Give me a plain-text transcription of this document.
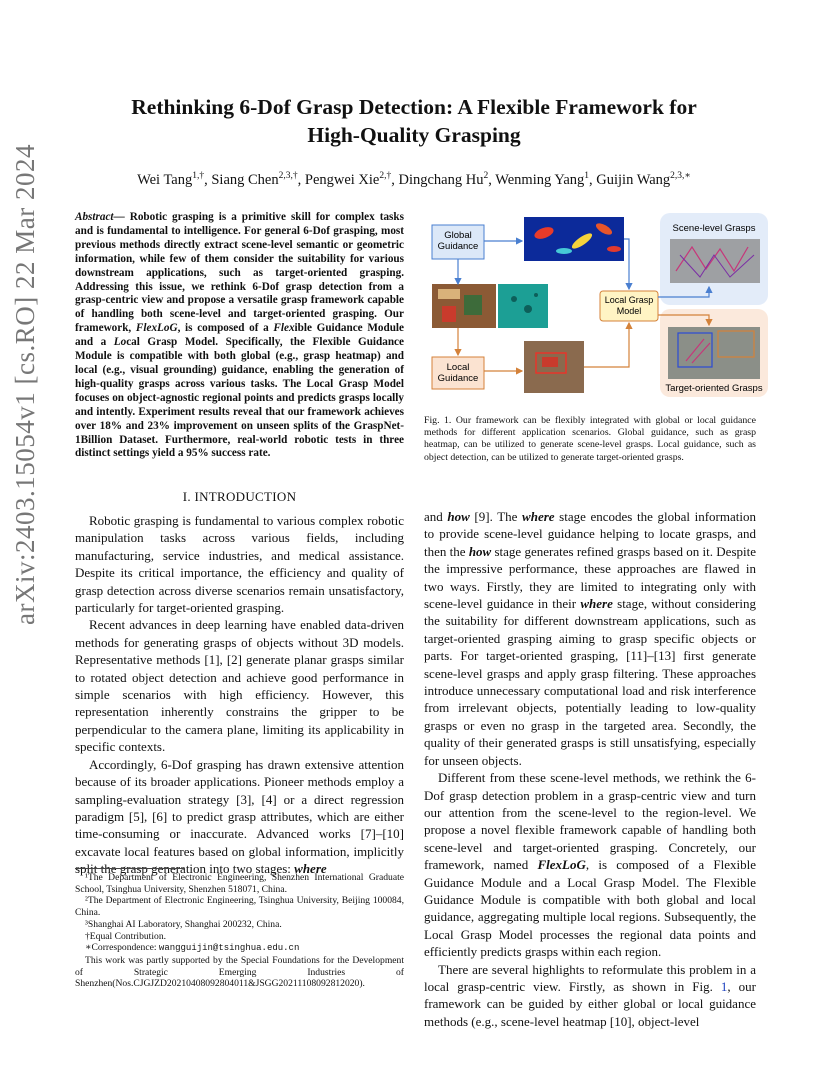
Rethinking 6-Dof Grasp Detection: A Flexible Framework for
High-Quality Grasping
Wei Tang$^{1,\dagger}$, Siang Chen$^{2,3,\dagger}$, Pengwei Xie$^{2,\dagger}$, Dingchang Hu$^2$, Wenming Yang$^1$, Guijin Wang$^{2,3,∗}$
arXiv:2403.15054v1 [cs.RO] 22 Mar 2024	Abstract— Robotic grasping is a primitive skill for complex tasks and is fundamental to intelligence. For general 6-Dof grasping, most previous methods directly extract scene-level semantic or geometric information, while few of them consider the suitability for various downstream applications, such as target-oriented grasping. Addressing this issue, we rethink 6-Dof grasp detection from a grasp-centric view and propose a versatile grasp framework capable of handling both scene-level and target-oriented grasping. Our framework, FlexLoG, is composed of a Flexible Guidance Module and a Local Grasp Model. Specifically, the Flexible Guidance Module is compatible with both global (e.g., grasp heatmap) and local (e.g., visual grounding) guidance, enabling the generation of high-quality grasps across various tasks. The Local Grasp Model focuses on object-agnostic regional points and predicts grasps locally and intently. Experiment results reveal that our framework achieves over 18% and 23% improvement on unseen splits of the GraspNet-1Billion Dataset. Furthermore, real-world robotic tests in three distinct settings yield a 95% success rate.
I. INTRODUCTION

Robotic grasping is fundamental to various complex robotic manipulation tasks across various fields, including manufacturing, service industries, and medical assistance. Despite its critical importance, the efficiency and quality of grasp detection across diverse scenarios remain unsatisfactory, particularly for target-oriented grasping.

Recent advances in deep learning have enabled data-driven methods for generating grasps of objects without 3D models. Representative methods [1], [2] generate planar grasps similar to rotated object detection and achieve good performance in simple scenarios with high efficiency. However, this representation inherently constrains the gripper to be perpendicular to the camera plane, limiting its applicability in specific contexts.

Accordingly, 6-Dof grasping has drawn extensive attention because of its broader applications. Pioneer methods employ a sampling-evaluation strategy [3], [4] or a direct regression paradigm [5], [6] to predict grasp attributes, which are either time-consuming or inaccurate. Advanced works [7]–[10] excavate local features based on global information, implicitly split the grasp generation into two stages: where

¹The Department of Electronic Engineering, Shenzhen International Graduate School, Tsinghua University, Shenzhen 518071, China.

²The Department of Electronic Engineering, Tsinghua University, Beijing 100084, China.

³Shanghai AI Laboratory, Shanghai 200232, China.

†Equal Contribution.

∗Correspondence: wangguijin@tsinghua.edu.cn

This work was partly supported by the Special Foundations for the Development of Strategic Emerging Industries of Shenzhen(Nos.CJGJZD20210408092804011&JSGG20211108092812020).

Global Guidance
Local Grasp Model
Local Guidance
Scene-level Grasps
Target-oriented Grasps
Fig. 1. Our framework can be flexibly integrated with global or local guidance methods for different application scenarios. Global guidance, such as grasp heatmap, can be utilized to generate scene-level grasps. Local guidance, such as object detection, can be utilized to generate target-oriented grasps.

and how [9]. The where stage encodes the global information to provide scene-level guidance helping to locate grasps, and then the how stage generates refined grasps based on it. Despite the impressive performance, these approaches are flawed in two ways. Firstly, they are limited to integrating only with scene-level guidance in their where stage, without considering the suitability for different downstream applications, such as target-oriented grasping aiming to grasp specific objects or parts. For target-oriented grasping, [11]–[13] first generate scene-level grasps and apply grasp filtering. These approaches introduce unnecessary computational load and risk interference from irrelevant objects, potentially leading to low-quality grasps or even no grasp in the targeted area. Secondly, the quality of their generated grasps is still unsatisfying, especially for unseen objects.

Different from these scene-level methods, we rethink the 6-Dof grasp detection problem in a grasp-centric view and turn our attention from the scene-level to the region-level. We propose a novel flexible framework capable of handling both scene-level and target-oriented grasping. Concretely, our framework, named FlexLoG, is composed of a Flexible Guidance Module and a Local Grasp Model. The Flexible Guidance Module is compatible with both global and local guidance, aggregating multiple local regions. Subsequently, the Local Grasp Model processes the regional data points and efficiently predicts grasps within each region.

There are several highlights to reformulate this problem in a local grasp-centric view. Firstly, as shown in Fig. 1, our framework can be guided by either global or local guidance methods (e.g., scene-level heatmap [10], object-level
